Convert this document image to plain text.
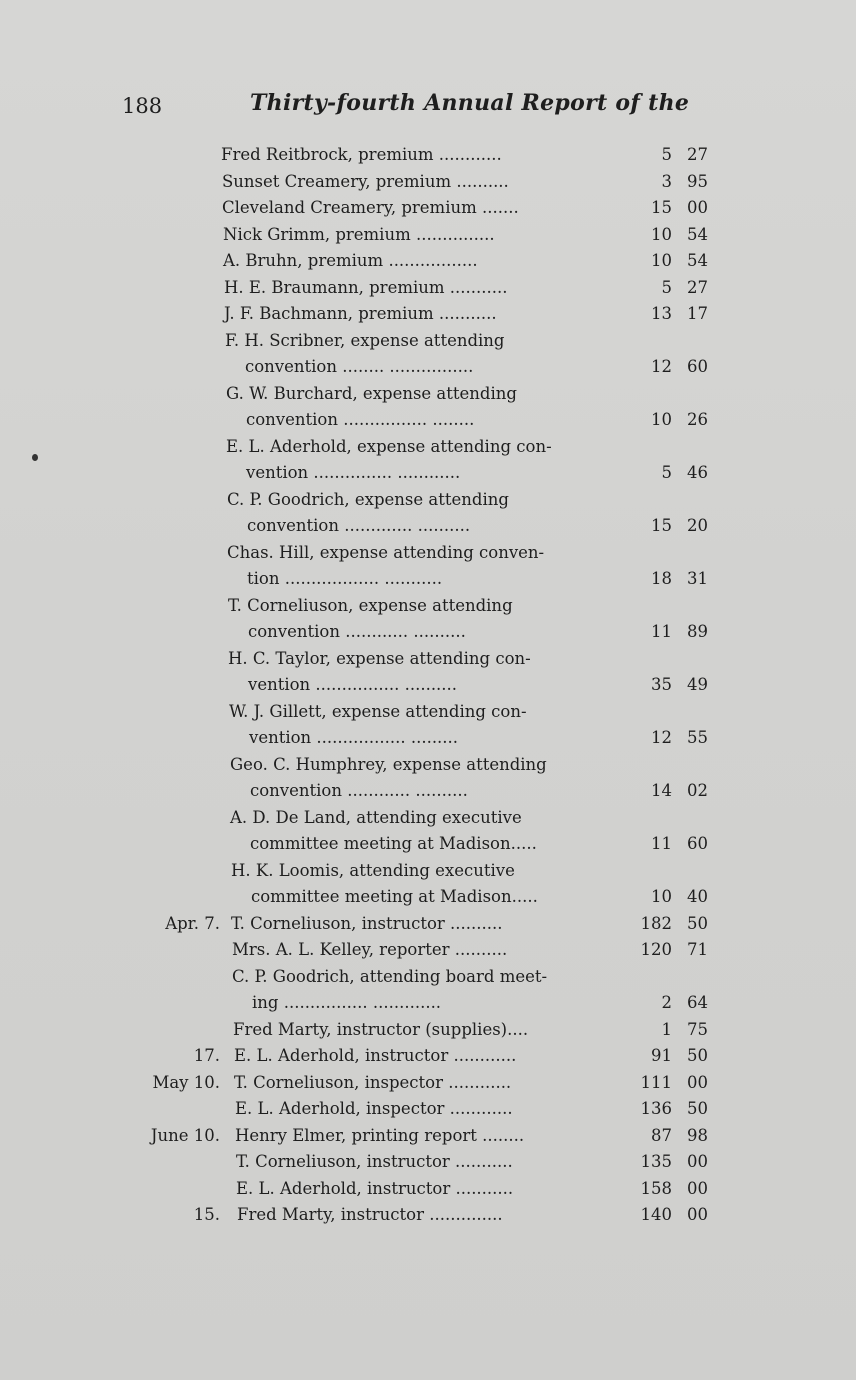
188	Thirty-fourth Annual Report of the
Fred Reitbrock, premium ............	5 27
Sunset Creamery, premium ..........	3 95
Cleveland Creamery, premium .......	15 00
Nick Grimm, premium ...............	10 54
A. Bruhn, premium .................	10 54
H. E. Braumann, premium ...........	5 27
J. F. Bachmann, premium ...........	13 17
F. H. Scribner, expense attending
convention ........ ................	12 60
G. W. Burchard, expense attending
convention ................ ........	10 26
E. L. Aderhold, expense attending con-
vention ............... ............	5 46
C. P. Goodrich, expense attending
convention ............. ..........	15 20
Chas. Hill, expense attending conven-
tion .................. ...........	18 31
T. Corneliuson, expense attending
convention ............ ..........	11 89
H. C. Taylor, expense attending con-
vention ................ ..........	35 49
W. J. Gillett, expense attending con-
vention ................. .........	12 55
Geo. C. Humphrey, expense attending
convention ............ ..........	14 02
A. D. De Land, attending executive
committee meeting at Madison.....	11 60
H. K. Loomis, attending executive
committee meeting at Madison.....	10 40
Apr. 7. T. Corneliuson, instructor ..........	182 50
Mrs. A. L. Kelley, reporter ..........	120 71
C. P. Goodrich, attending board meet-
ing ................ .............	2 64
Fred Marty, instructor (supplies)....	1 75
17. E. L. Aderhold, instructor ............	91 50
May 10. T. Corneliuson, inspector ............	111 00
E. L. Aderhold, inspector ............	136 50
June 10. Henry Elmer, printing report ........	87 98
T. Corneliuson, instructor ...........	135 00
E. L. Aderhold, instructor ...........	158 00
15. Fred Marty, instructor ..............	140 00
